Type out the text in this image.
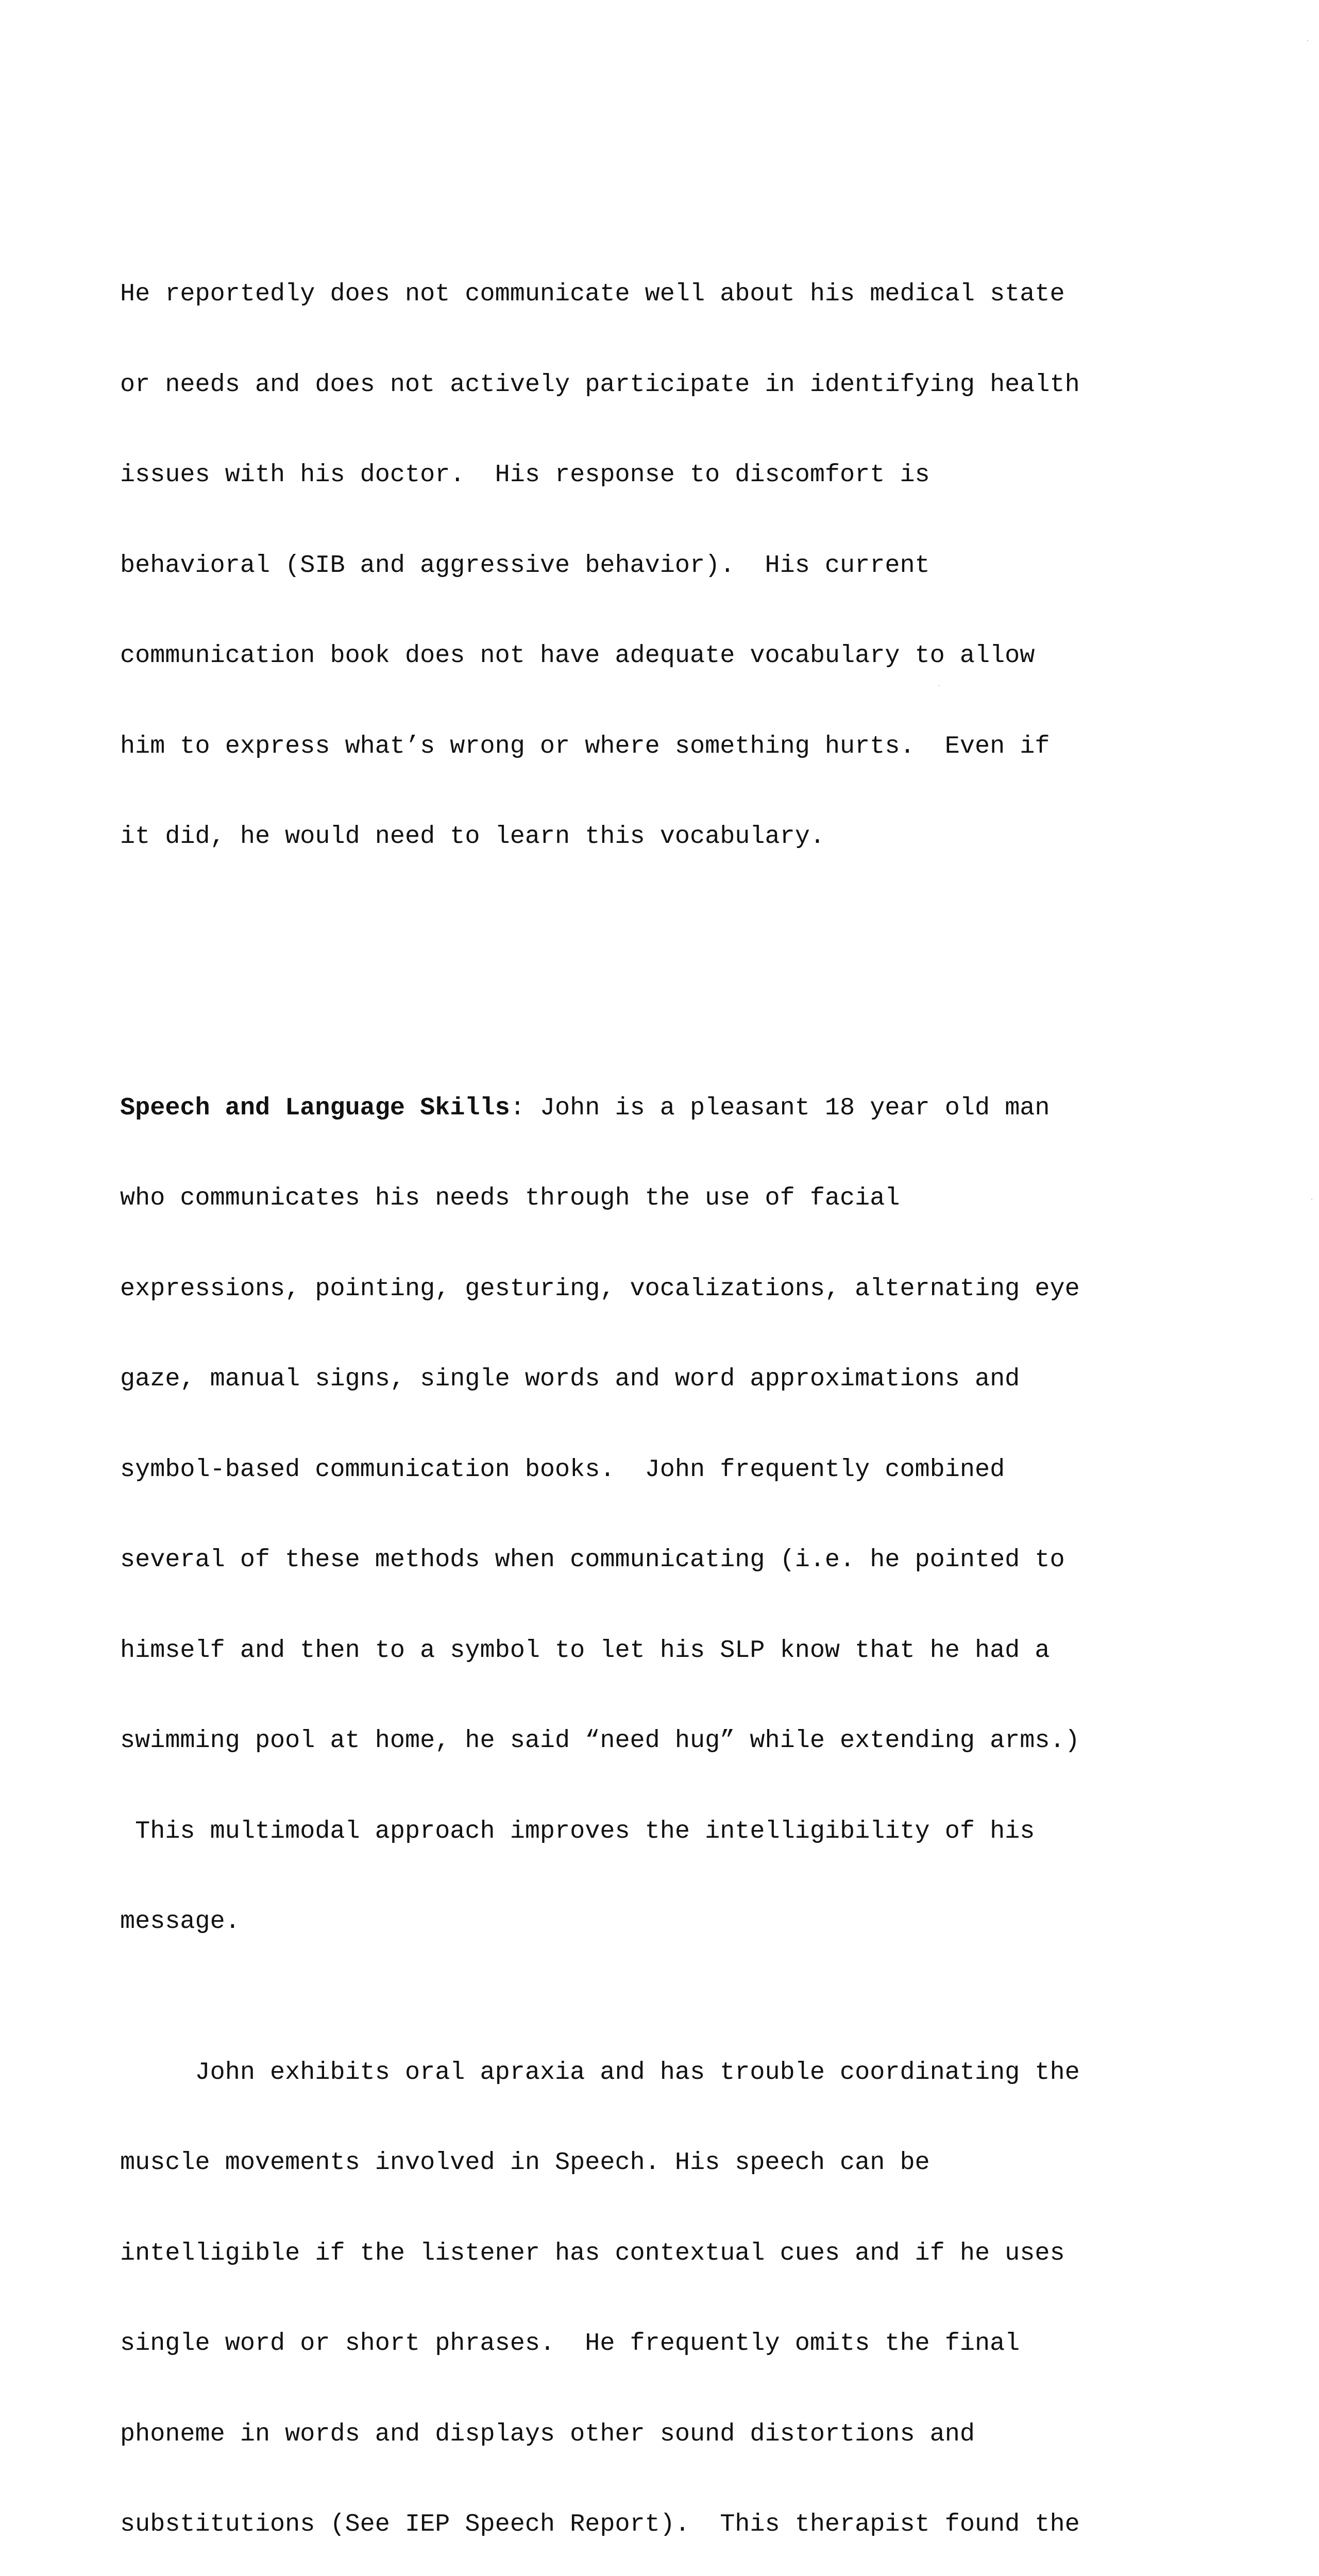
He reportedly does not communicate well about his medical state

or needs and does not actively participate in identifying health

issues with his doctor.  His response to discomfort is

behavioral (SIB and aggressive behavior).  His current

communication book does not have adequate vocabulary to allow

him to express what’s wrong or where something hurts.  Even if

it did, he would need to learn this vocabulary.

Speech and Language Skills: John is a pleasant 18 year old man

who communicates his needs through the use of facial

expressions, pointing, gesturing, vocalizations, alternating eye

gaze, manual signs, single words and word approximations and

symbol-based communication books.  John frequently combined

several of these methods when communicating (i.e. he pointed to

himself and then to a symbol to let his SLP know that he had a

swimming pool at home, he said “need hug” while extending arms.)

This multimodal approach improves the intelligibility of his

message.

John exhibits oral apraxia and has trouble coordinating the

muscle movements involved in Speech. His speech can be

intelligible if the listener has contextual cues and if he uses

single word or short phrases.  He frequently omits the final

phoneme in words and displays other sound distortions and

substitutions (See IEP Speech Report).  This therapist found the
